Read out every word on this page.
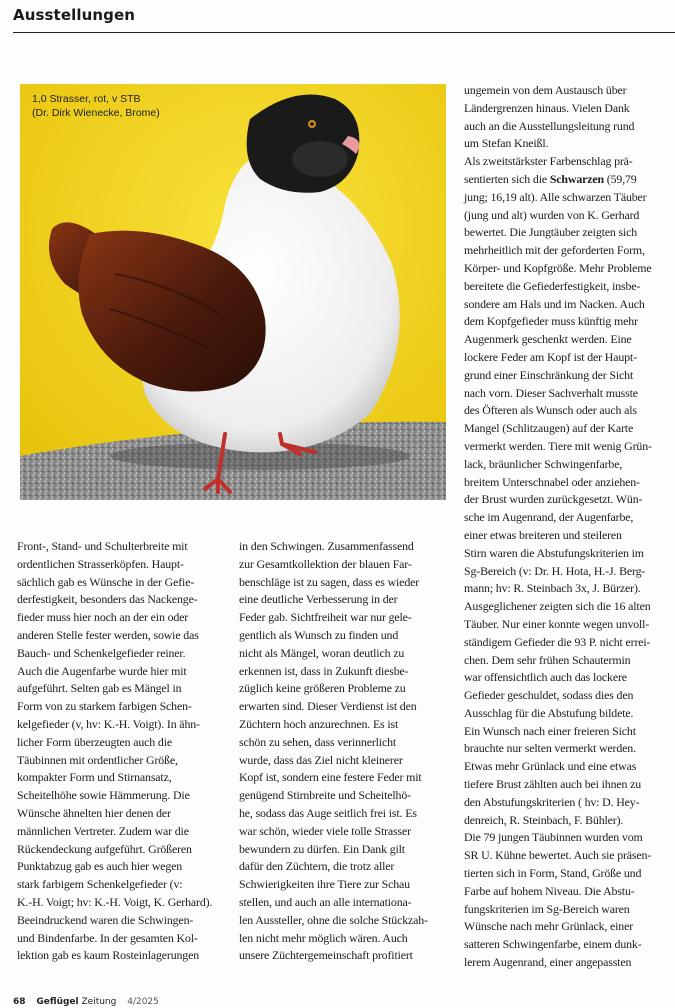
Ausstellungen
1,0 Strasser, rot, v STB
(Dr. Dirk Wienecke, Brome)
Front-, Stand- und Schulterbreite mit
ordentlichen Strasserköpfen. Haupt-
sächlich gab es Wünsche in der Gefie-
derfestigkeit, besonders das Nackenge-
fieder muss hier noch an der ein oder
anderen Stelle fester werden, sowie das
Bauch- und Schenkelgefieder reiner.
Auch die Augenfarbe wurde hier mit
aufgeführt. Selten gab es Mängel in
Form von zu starkem farbigen Schen-
kelgefieder (v, hv: K.-H. Voigt). In ähn-
licher Form überzeugten auch die
Täubinnen mit ordentlicher Größe,
kompakter Form und Stirnansatz,
Scheitelhöhe sowie Hämmerung. Die
Wünsche ähnelten hier denen der
männlichen Vertreter. Zudem war die
Rückendeckung aufgeführt. Größeren
Punktabzug gab es auch hier wegen
stark farbigem Schenkelgefieder (v:
K.-H. Voigt; hv: K.-H. Voigt, K. Gerhard).
Beeindruckend waren die Schwingen-
und Bindenfarbe. In der gesamten Kol-
lektion gab es kaum Rosteinlagerungen
in den Schwingen. Zusammenfassend
zur Gesamtkollektion der blauen Far-
benschläge ist zu sagen, dass es wieder
eine deutliche Verbesserung in der
Feder gab. Sichtfreiheit war nur gele-
gentlich als Wunsch zu finden und
nicht als Mängel, woran deutlich zu
erkennen ist, dass in Zukunft diesbe-
züglich keine größeren Probleme zu
erwarten sind. Dieser Verdienst ist den
Züchtern hoch anzurechnen. Es ist
schön zu sehen, dass verinnerlicht
wurde, dass das Ziel nicht kleinerer
Kopf ist, sondern eine festere Feder mit
genügend Stirnbreite und Scheitelhö-
he, sodass das Auge seitlich frei ist. Es
war schön, wieder viele tolle Strasser
bewundern zu dürfen. Ein Dank gilt
dafür den Züchtern, die trotz aller
Schwierigkeiten ihre Tiere zur Schau
stellen, und auch an alle internationa-
len Aussteller, ohne die solche Stückzah-
len nicht mehr möglich wären. Auch
unsere Züchtergemeinschaft profitiert
ungemein von dem Austausch über
Ländergrenzen hinaus. Vielen Dank
auch an die Ausstellungsleitung rund
um Stefan Kneißl.
Als zweitstärkster Farbenschlag prä-
sentierten sich die Schwarzen (59,79
jung; 16,19 alt). Alle schwarzen Täuber
(jung und alt) wurden von K. Gerhard
bewertet. Die Jungtäuber zeigten sich
mehrheitlich mit der geforderten Form,
Körper- und Kopfgröße. Mehr Probleme
bereitete die Gefiederfestigkeit, insbe-
sondere am Hals und im Nacken. Auch
dem Kopfgefieder muss künftig mehr
Augenmerk geschenkt werden. Eine
lockere Feder am Kopf ist der Haupt-
grund einer Einschränkung der Sicht
nach vorn. Dieser Sachverhalt musste
des Öfteren als Wunsch oder auch als
Mangel (Schlitzaugen) auf der Karte
vermerkt werden. Tiere mit wenig Grün-
lack, bräunlicher Schwingenfarbe,
breitem Unterschnabel oder anziehen-
der Brust wurden zurückgesetzt. Wün-
sche im Augenrand, der Augenfarbe,
einer etwas breiteren und steileren
Stirn waren die Abstufungskriterien im
Sg-Bereich (v: Dr. H. Hota, H.-J. Berg-
mann; hv: R. Steinbach 3x, J. Bürzer).
Ausgeglichener zeigten sich die 16 alten
Täuber. Nur einer konnte wegen unvoll-
ständigem Gefieder die 93 P. nicht errei-
chen. Dem sehr frühen Schautermin
war offensichtlich auch das lockere
Gefieder geschuldet, sodass dies den
Ausschlag für die Abstufung bildete.
Ein Wunsch nach einer freieren Sicht
brauchte nur selten vermerkt werden.
Etwas mehr Grünlack und eine etwas
tiefere Brust zählten auch bei ihnen zu
den Abstufungskriterien ( hv: D. Hey-
denreich, R. Steinbach, F. Bühler).
Die 79 jungen Täubinnen wurden vom
SR U. Kühne bewertet. Auch sie präsen-
tierten sich in Form, Stand, Größe und
Farbe auf hohem Niveau. Die Abstu-
fungskriterien im Sg-Bereich waren
Wünsche nach mehr Grünlack, einer
satteren Schwingenfarbe, einem dunk-
lerem Augenrand, einer angepassten
68 Geflügel Zeitung 4/2025
